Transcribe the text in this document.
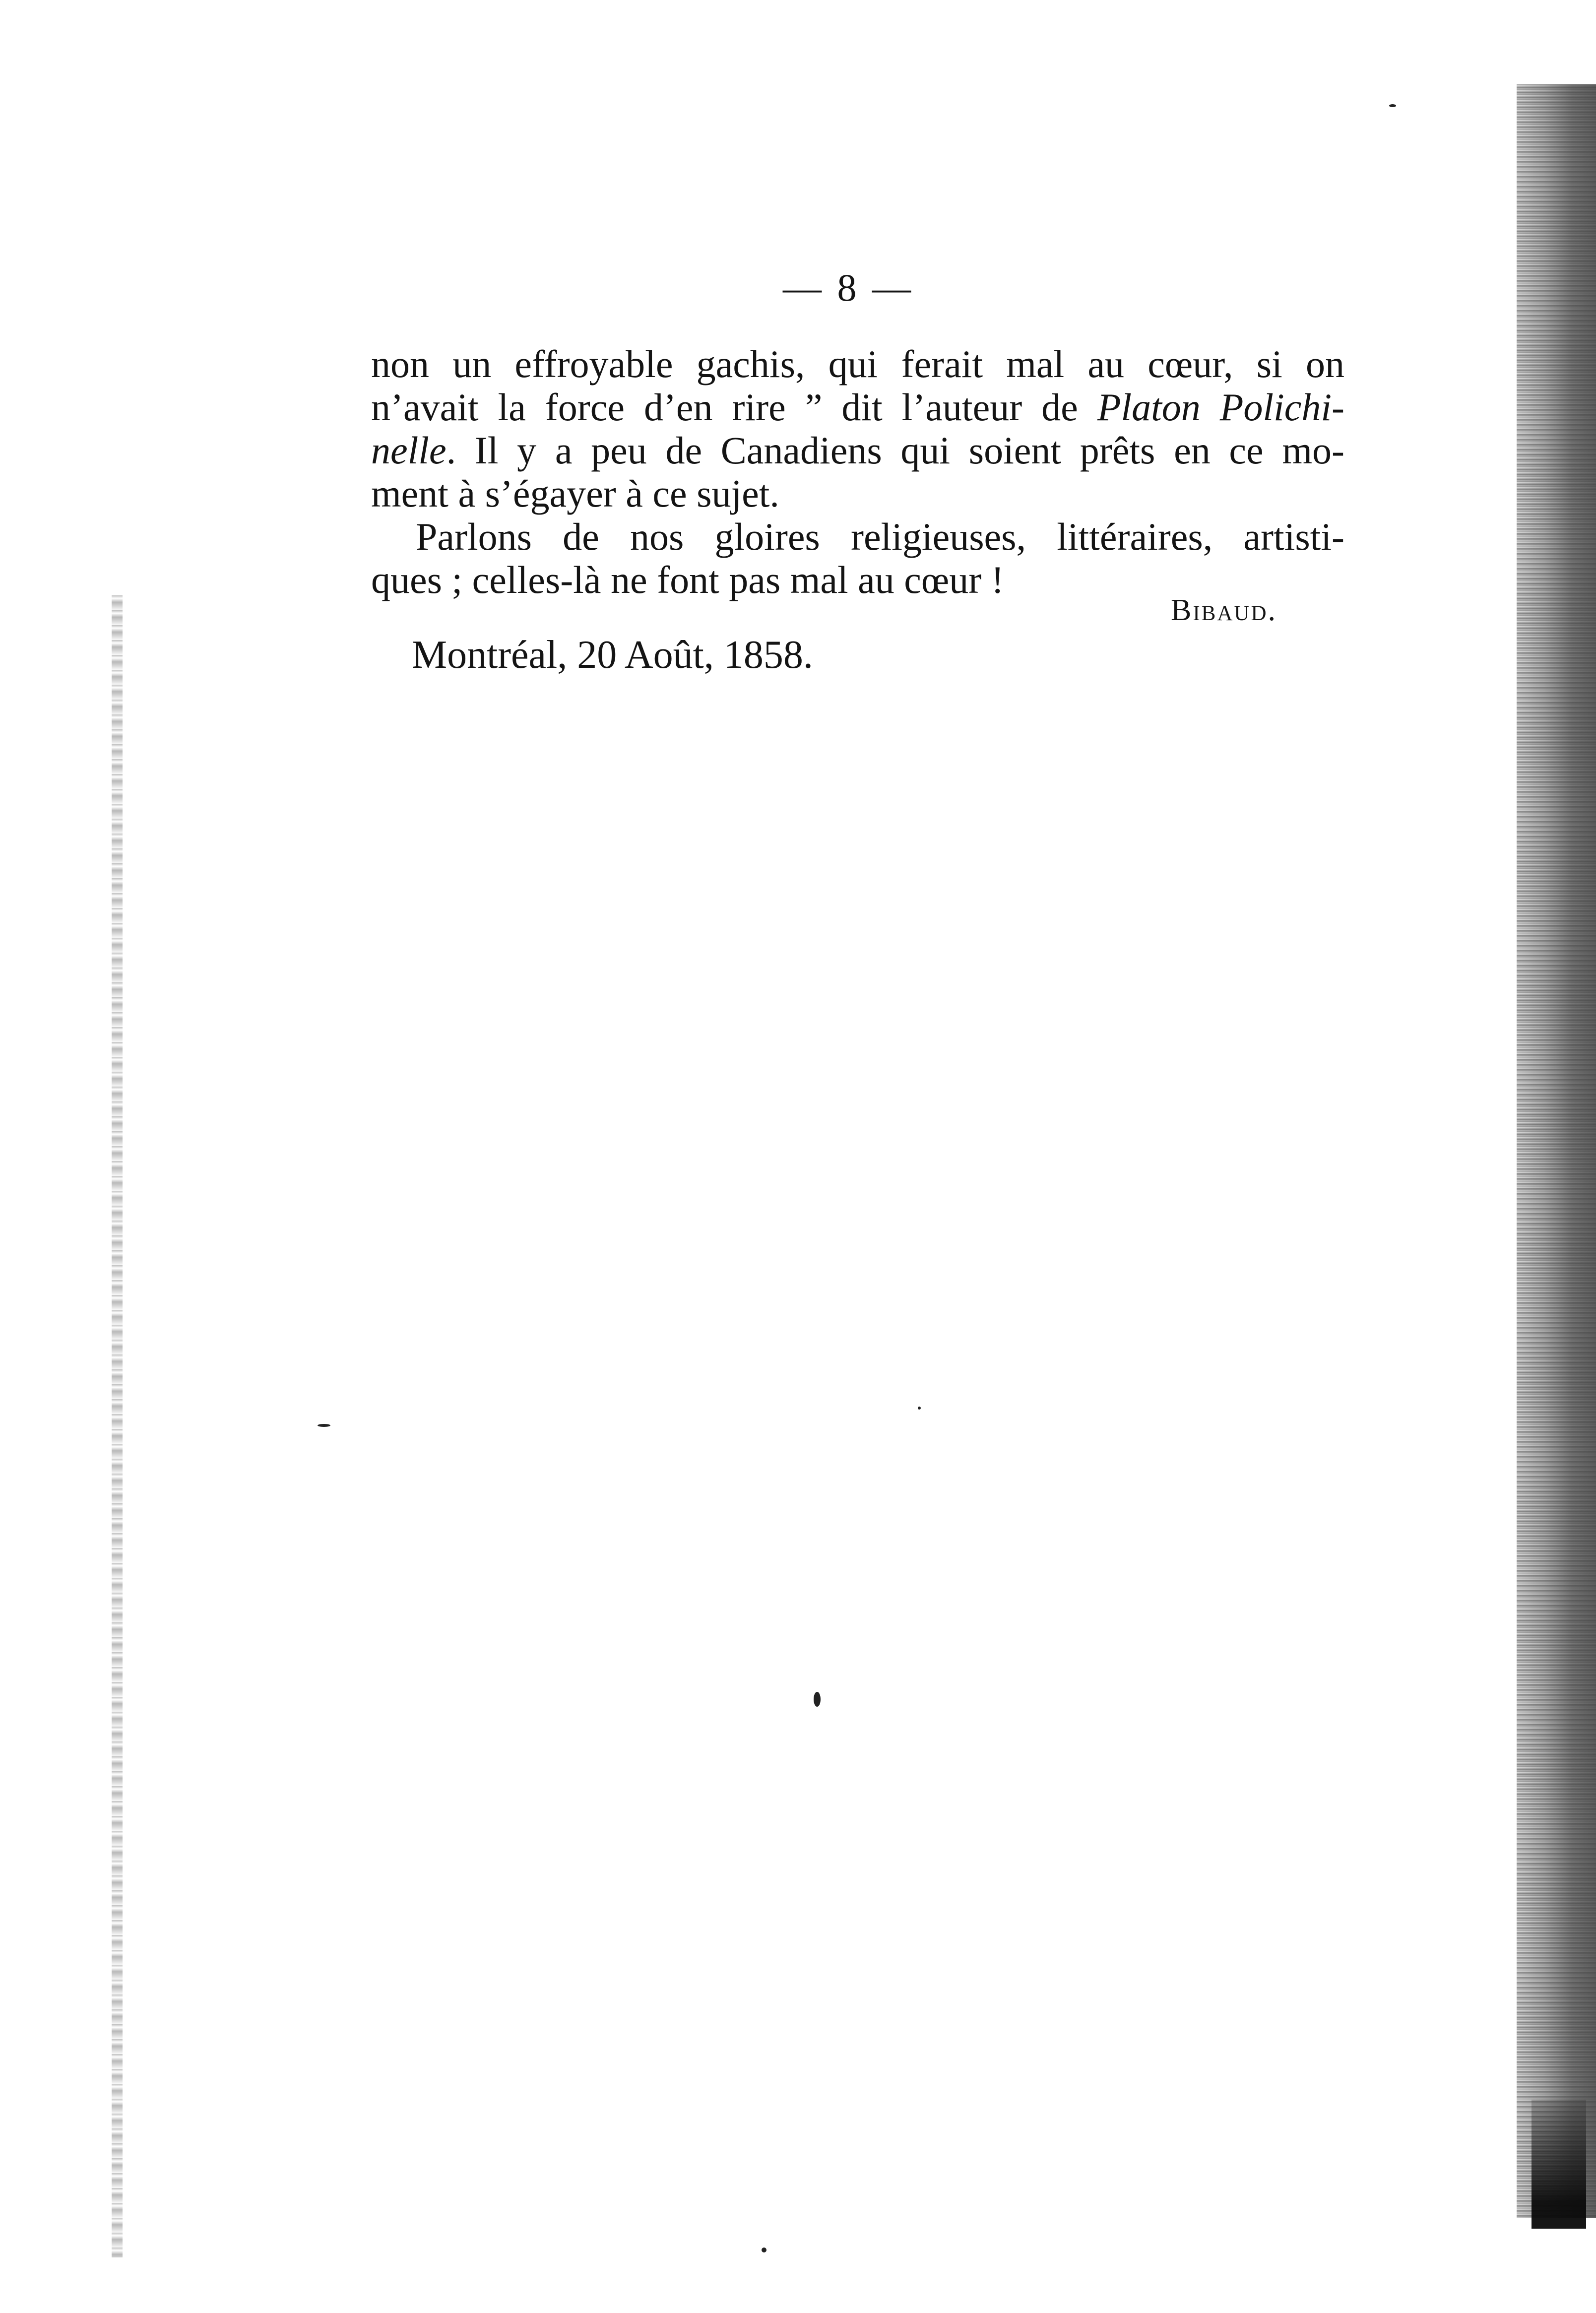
— 8 —
non un effroyable gachis, qui ferait mal au cœur, si on
n’avait la force d’en rire ” dit l’auteur de Platon Polichi-
nelle. Il y a peu de Canadiens qui soient prêts en ce mo-
ment à s’égayer à ce sujet.
Parlons de nos gloires religieuses, littéraires, artisti-
ques ; celles-là ne font pas mal au cœur !
Bibaud.
Montréal, 20 Août, 1858.
